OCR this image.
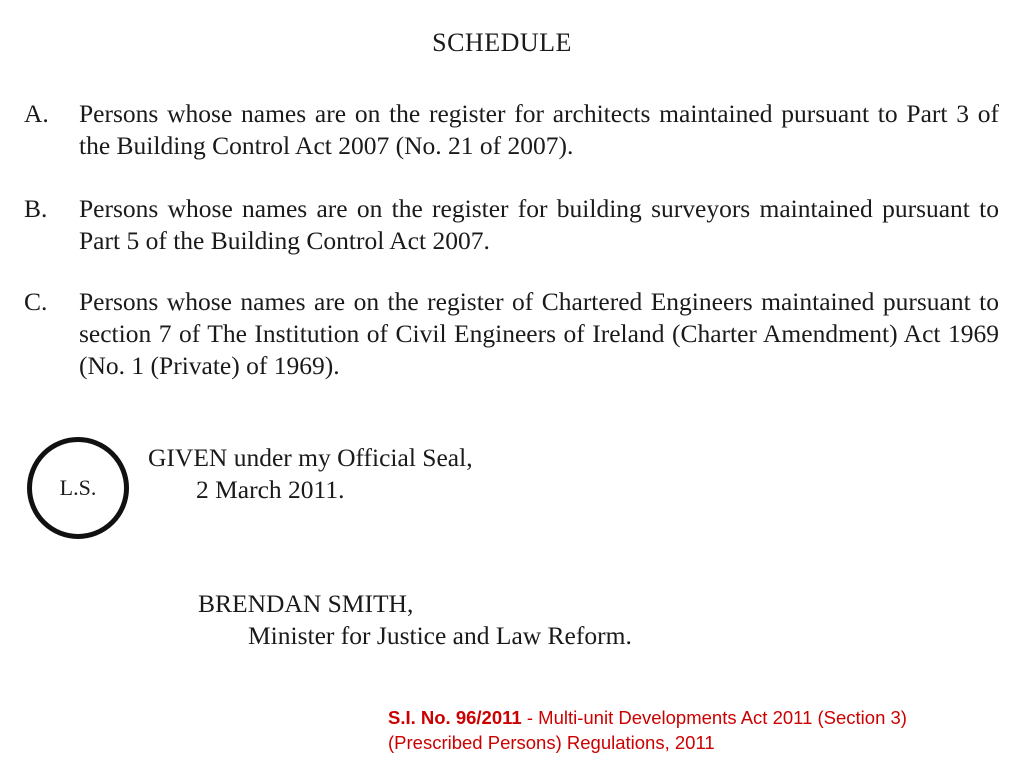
SCHEDULE
A.	Persons whose names are on the register for architects maintained pursuant to Part 3 of the Building Control Act 2007 (No. 21 of 2007).
B.	Persons whose names are on the register for building surveyors maintained pursuant to Part 5 of the Building Control Act 2007.
C.	Persons whose names are on the register of Chartered Engineers maintained pursuant to section 7 of The Institution of Civil Engineers of Ireland (Charter Amendment) Act 1969 (No. 1 (Private) of 1969).
L.S.
GIVEN under my Official Seal,
2 March 2011.
BRENDAN SMITH,
Minister for Justice and Law Reform.
S.I. No. 96/2011 - Multi-unit Developments Act 2011 (Section 3)
(Prescribed Persons) Regulations, 2011
